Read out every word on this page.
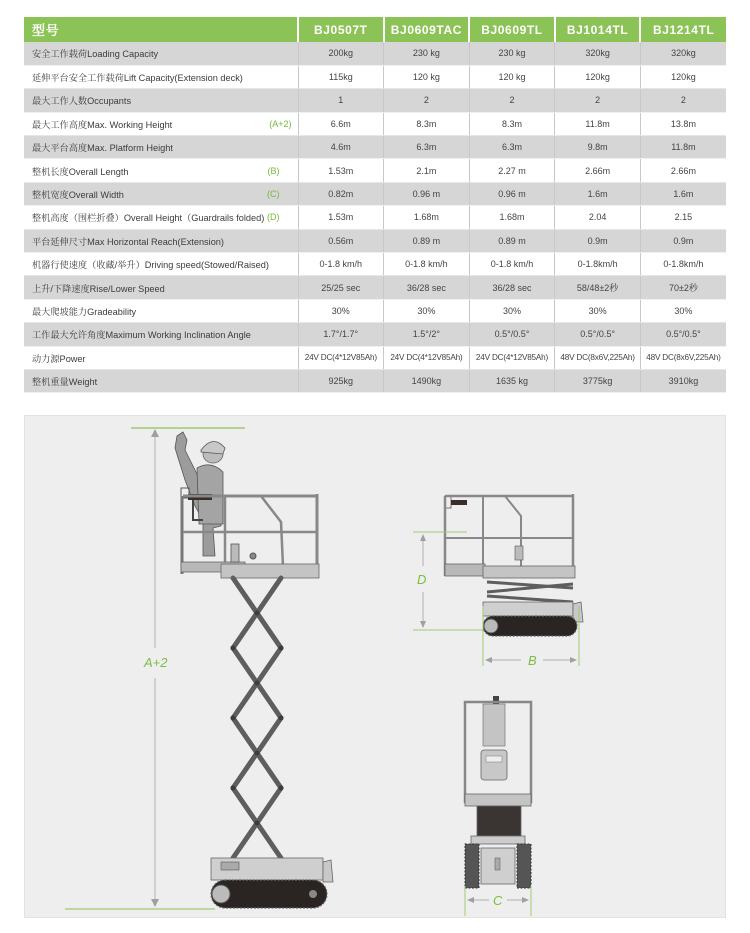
型号	BJ0507T	BJ0609TAC	BJ0609TL	BJ1014TL	BJ1214TL
安全工作载荷Loading Capacity	200kg	230 kg	230 kg	320kg	320kg
延伸平台安全工作载荷Lift Capacity(Extension deck)	115kg	120 kg	120 kg	120kg	120kg
最大工作人数Occupants	1	2	2	2	2
最大工作高度Max. Working Height (A+2)	6.6m	8.3m	8.3m	11.8m	13.8m
最大平台高度Max. Platform Height	4.6m	6.3m	6.3m	9.8m	11.8m
整机长度Overall Length (B)	1.53m	2.1m	2.27 m	2.66m	2.66m
整机宽度Overall Width (C)	0.82m	0.96 m	0.96 m	1.6m	1.6m
整机高度（围栏折叠）Overall Height（Guardrails folded) (D)	1.53m	1.68m	1.68m	2.04	2.15
平台延伸尺寸Max Horizontal Reach(Extension)	0.56m	0.89 m	0.89 m	0.9m	0.9m
机器行使速度（收藏/举升）Driving speed(Stowed/Raised)	0-1.8 km/h	0-1.8 km/h	0-1.8 km/h	0-1.8km/h	0-1.8km/h
上升/下降速度Rise/Lower Speed	25/25 sec	36/28 sec	36/28 sec	58/48±2秒	70±2秒
最大爬坡能力Gradeability	30%	30%	30%	30%	30%
工作最大允许角度Maximum Working Inclination Angle	1.7°/1.7°	1.5°/2°	0.5°/0.5°	0.5°/0.5°	0.5°/0.5°
动力源Power	24V DC(4*12V85Ah)	24V DC(4*12V85Ah)	24V DC(4*12V85Ah)	48V DC(8x6V,225Ah)	48V DC(8x6V,225Ah)
整机重量Weight	925kg	1490kg	1635 kg	3775kg	3910kg
A+2
D
B
C
